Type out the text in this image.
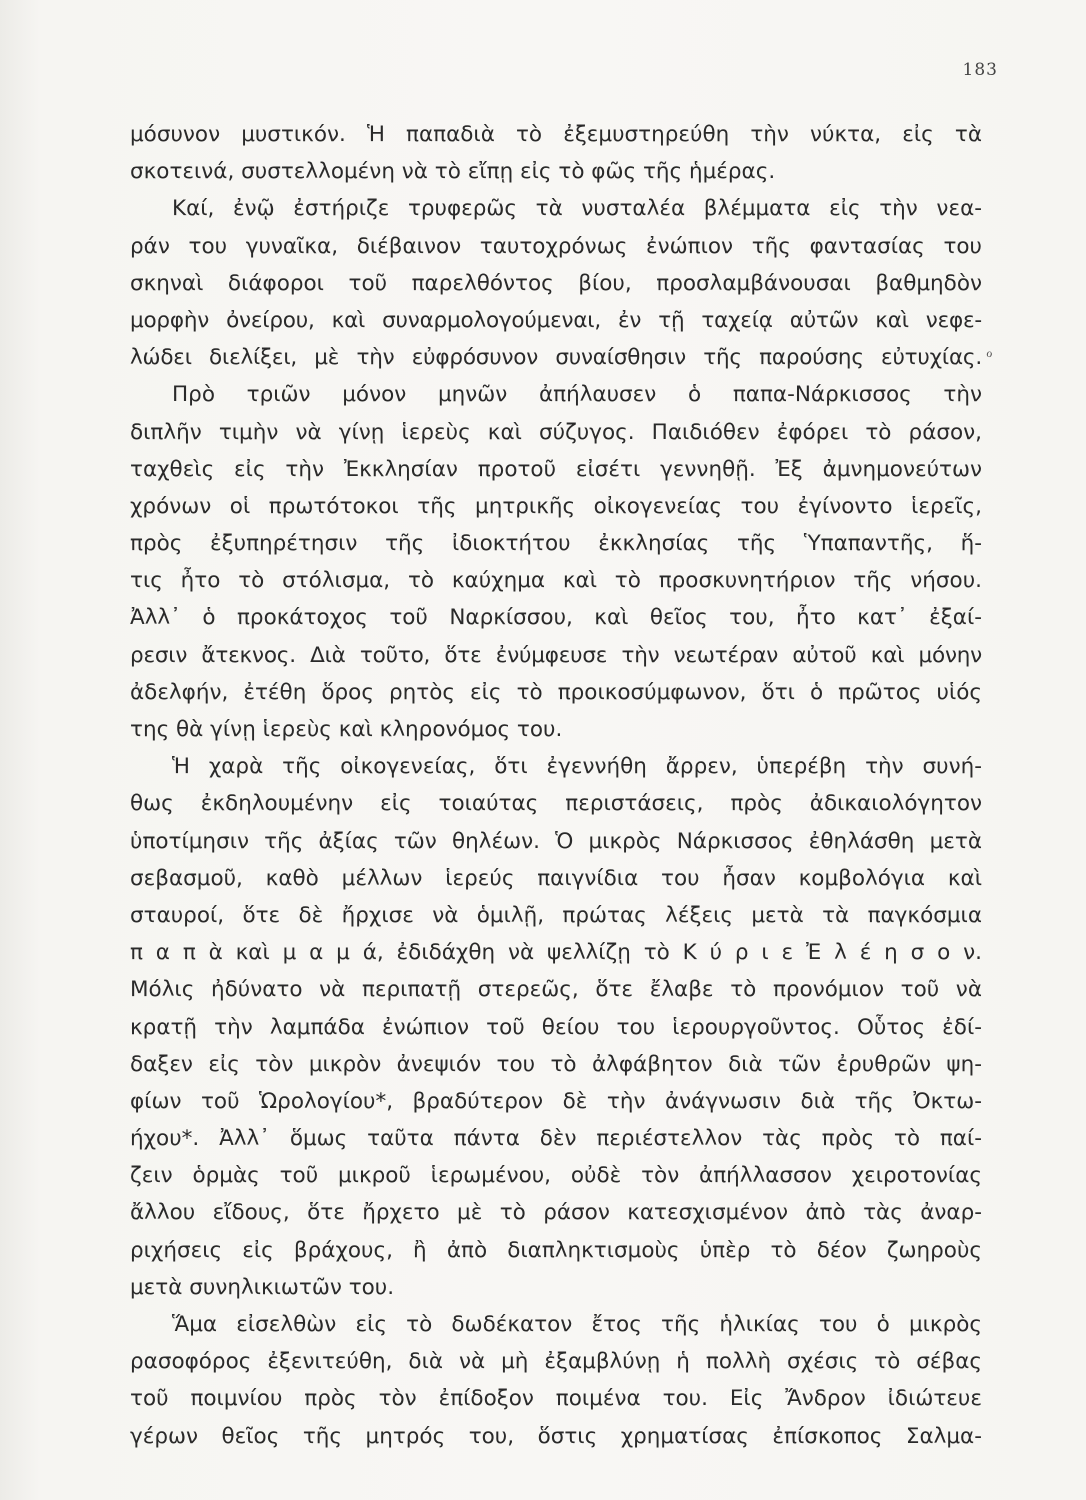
183
μόσυνον μυστικόν. Ἡ παπαδιὰ τὸ ἐξεμυστηρεύθη τὴν νύκτα, εἰς τὰ
σκοτεινά, συστελλομένη νὰ τὸ εἴπῃ εἰς τὸ φῶς τῆς ἡμέρας.
Καί, ἐνῷ ἐστήριζε τρυφερῶς τὰ νυσταλέα βλέμματα εἰς τὴν νεα-
ράν του γυναῖκα, διέβαινον ταυτοχρόνως ἐνώπιον τῆς φαντασίας του
σκηναὶ διάφοροι τοῦ παρελθόντος βίου, προσλαμβάνουσαι βαθμηδὸν
μορφὴν ὀνείρου, καὶ συναρμολογούμεναι, ἐν τῇ ταχείᾳ αὐτῶν καὶ νεφε-
λώδει διελίξει, μὲ τὴν εὐφρόσυνον συναίσθησιν τῆς παρούσης εὐτυχίας.
Πρὸ τριῶν μόνον μηνῶν ἀπήλαυσεν ὁ παπα-Νάρκισσος τὴν
διπλῆν τιμὴν νὰ γίνῃ ἱερεὺς καὶ σύζυγος. Παιδιόθεν ἐφόρει τὸ ράσον,
ταχθεὶς εἰς τὴν Ἐκκλησίαν προτοῦ εἰσέτι γεννηθῇ. Ἐξ ἀμνημονεύτων
χρόνων οἱ πρωτότοκοι τῆς μητρικῆς οἰκογενείας του ἐγίνοντο ἱερεῖς,
πρὸς ἐξυπηρέτησιν τῆς ἰδιοκτήτου ἐκκλησίας τῆς Ὑπαπαντῆς, ἥ-
τις ἦτο τὸ στόλισμα, τὸ καύχημα καὶ τὸ προσκυνητήριον τῆς νήσου.
Ἀλλ᾽ ὁ προκάτοχος τοῦ Ναρκίσσου, καὶ θεῖος του, ἦτο κατ᾽ ἐξαί-
ρεσιν ἄτεκνος. Διὰ τοῦτο, ὅτε ἐνύμφευσε τὴν νεωτέραν αὐτοῦ καὶ μόνην
ἀδελφήν, ἐτέθη ὅρος ρητὸς εἰς τὸ προικοσύμφωνον, ὅτι ὁ πρῶτος υἱός
της θὰ γίνῃ ἱερεὺς καὶ κληρονόμος του.
Ἡ χαρὰ τῆς οἰκογενείας, ὅτι ἐγεννήθη ἄρρεν, ὑπερέβη τὴν συνή-
θως ἐκδηλουμένην εἰς τοιαύτας περιστάσεις, πρὸς ἀδικαιολόγητον
ὑποτίμησιν τῆς ἀξίας τῶν θηλέων. Ὁ μικρὸς Νάρκισσος ἐθηλάσθη μετὰ
σεβασμοῦ, καθὸ μέλλων ἱερεύς παιγνίδια του ἦσαν κομβολόγια καὶ
σταυροί, ὅτε δὲ ἤρχισε νὰ ὁμιλῇ, πρώτας λέξεις μετὰ τὰ παγκόσμια
π α π ὰ καὶ μ α μ ά, ἐδιδάχθη νὰ ψελλίζῃ τὸ Κ ύ ρ ι ε Ἐ λ έ η σ ο ν.
Μόλις ἠδύνατο νὰ περιπατῇ στερεῶς, ὅτε ἔλαβε τὸ προνόμιον τοῦ νὰ
κρατῇ τὴν λαμπάδα ἐνώπιον τοῦ θείου του ἱερουργοῦντος. Οὗτος ἐδί-
δαξεν εἰς τὸν μικρὸν ἀνεψιόν του τὸ ἀλφάβητον διὰ τῶν ἐρυθρῶν ψη-
φίων τοῦ Ὡρολογίου*, βραδύτερον δὲ τὴν ἀνάγνωσιν διὰ τῆς Ὀκτω-
ήχου*. Ἀλλ᾽ ὅμως ταῦτα πάντα δὲν περιέστελλον τὰς πρὸς τὸ παί-
ζειν ὁρμὰς τοῦ μικροῦ ἱερωμένου, οὐδὲ τὸν ἀπήλλασσον χειροτονίας
ἄλλου εἴδους, ὅτε ἤρχετο μὲ τὸ ράσον κατεσχισμένον ἀπὸ τὰς ἀναρ-
ριχήσεις εἰς βράχους, ἢ ἀπὸ διαπληκτισμοὺς ὑπὲρ τὸ δέον ζωηροὺς
μετὰ συνηλικιωτῶν του.
Ἅμα εἰσελθὼν εἰς τὸ δωδέκατον ἔτος τῆς ἡλικίας του ὁ μικρὸς
ρασοφόρος ἐξενιτεύθη, διὰ νὰ μὴ ἐξαμβλύνῃ ἡ πολλὴ σχέσις τὸ σέβας
τοῦ ποιμνίου πρὸς τὸν ἐπίδοξον ποιμένα του. Εἰς Ἄνδρον ἰδιώτευε
γέρων θεῖος τῆς μητρός του, ὅστις χρηματίσας ἐπίσκοπος Σαλμα-
ℴ
